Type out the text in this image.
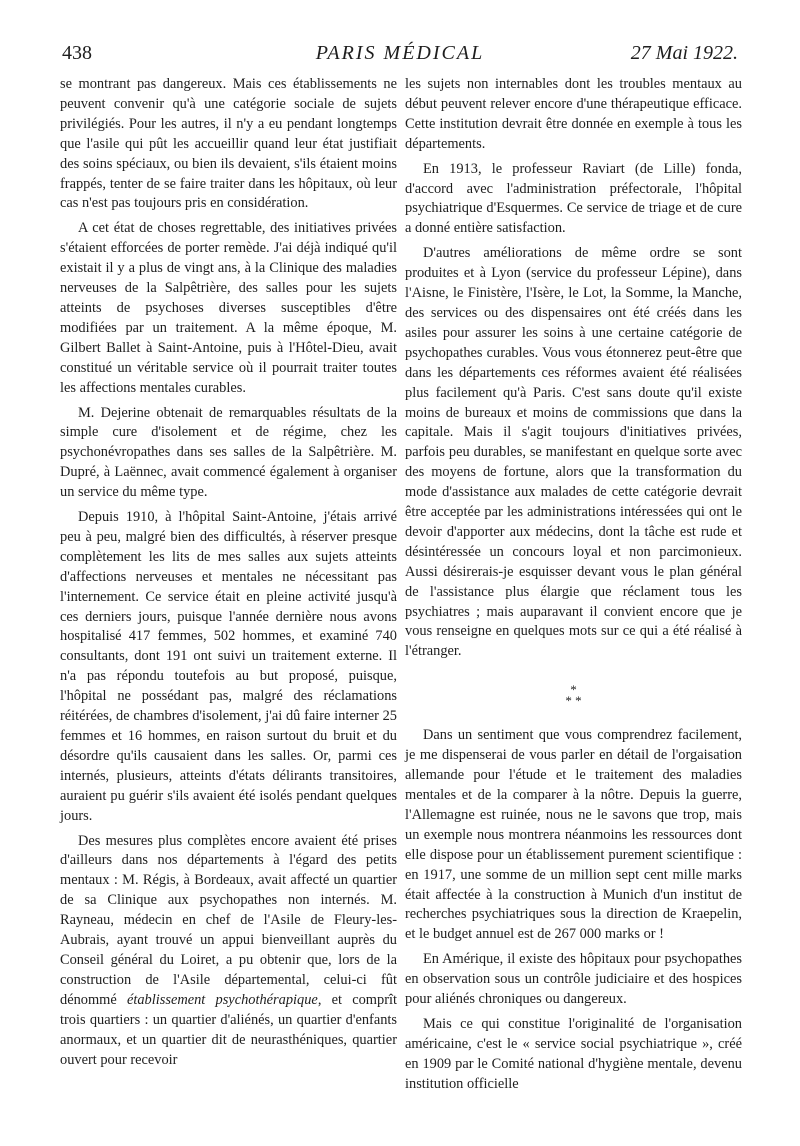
438	PARIS MÉDICAL	27 Mai 1922.

se montrant pas dangereux. Mais ces établissements ne peuvent convenir qu'à une catégorie sociale de sujets privilégiés. Pour les autres, il n'y a eu pendant longtemps que l'asile qui pût les accueillir quand leur état justifiait des soins spéciaux, ou bien ils devaient, s'ils étaient moins frappés, tenter de se faire traiter dans les hôpitaux, où leur cas n'est pas toujours pris en considération.

A cet état de choses regrettable, des initiatives privées s'étaient efforcées de porter remède. J'ai déjà indiqué qu'il existait il y a plus de vingt ans, à la Clinique des maladies nerveuses de la Salpêtrière, des salles pour les sujets atteints de psychoses diverses susceptibles d'être modifiées par un traitement. A la même époque, M. Gilbert Ballet à Saint-Antoine, puis à l'Hôtel-Dieu, avait constitué un véritable service où il pourrait traiter toutes les affections mentales curables.

M. Dejerine obtenait de remarquables résultats de la simple cure d'isolement et de régime, chez les psychonévropathes dans ses salles de la Salpêtrière. M. Dupré, à Laënnec, avait commencé également à organiser un service du même type.

Depuis 1910, à l'hôpital Saint-Antoine, j'étais arrivé peu à peu, malgré bien des difficultés, à réserver presque complètement les lits de mes salles aux sujets atteints d'affections nerveuses et mentales ne nécessitant pas l'internement. Ce service était en pleine activité jusqu'à ces derniers jours, puisque l'année dernière nous avons hospitalisé 417 femmes, 502 hommes, et examiné 740 consultants, dont 191 ont suivi un traitement externe. Il n'a pas répondu toutefois au but proposé, puisque, l'hôpital ne possédant pas, malgré des réclamations réitérées, de chambres d'isolement, j'ai dû faire interner 25 femmes et 16 hommes, en raison surtout du bruit et du désordre qu'ils causaient dans les salles. Or, parmi ces internés, plusieurs, atteints d'états délirants transitoires, auraient pu guérir s'ils avaient été isolés pendant quelques jours.

Des mesures plus complètes encore avaient été prises d'ailleurs dans nos départements à l'égard des petits mentaux : M. Régis, à Bordeaux, avait affecté un quartier de sa Clinique aux psychopathes non internés. M. Rayneau, médecin en chef de l'Asile de Fleury-les-Aubrais, ayant trouvé un appui bienveillant auprès du Conseil général du Loiret, a pu obtenir que, lors de la construction de l'Asile départemental, celui-ci fût dénommé établissement psychothérapique, et comprît trois quartiers : un quartier d'aliénés, un quartier d'enfants anormaux, et un quartier dit de neurasthéniques, quartier ouvert pour recevoir

les sujets non internables dont les troubles mentaux au début peuvent relever encore d'une thérapeutique efficace. Cette institution devrait être donnée en exemple à tous les départements.

En 1913, le professeur Raviart (de Lille) fonda, d'accord avec l'administration préfectorale, l'hôpital psychiatrique d'Esquermes. Ce service de triage et de cure a donné entière satisfaction.

D'autres améliorations de même ordre se sont produites et à Lyon (service du professeur Lépine), dans l'Aisne, le Finistère, l'Isère, le Lot, la Somme, la Manche, des services ou des dispensaires ont été créés dans les asiles pour assurer les soins à une certaine catégorie de psychopathes curables. Vous vous étonnerez peut-être que dans les départements ces réformes avaient été réalisées plus facilement qu'à Paris. C'est sans doute qu'il existe moins de bureaux et moins de commissions que dans la capitale. Mais il s'agit toujours d'initiatives privées, parfois peu durables, se manifestant en quelque sorte avec des moyens de fortune, alors que la transformation du mode d'assistance aux malades de cette catégorie devrait être acceptée par les administrations intéressées qui ont le devoir d'apporter aux médecins, dont la tâche est rude et désintéressée un concours loyal et non parcimonieux. Aussi désirerais-je esquisser devant vous le plan général de l'assistance plus élargie que réclament tous les psychiatres ; mais auparavant il convient encore que je vous renseigne en quelques mots sur ce qui a été réalisé à l'étranger.

*
* *

Dans un sentiment que vous comprendrez facilement, je me dispenserai de vous parler en détail de l'orgaisation allemande pour l'étude et le traitement des maladies mentales et de la comparer à la nôtre. Depuis la guerre, l'Allemagne est ruinée, nous ne le savons que trop, mais un exemple nous montrera néanmoins les ressources dont elle dispose pour un établissement purement scientifique : en 1917, une somme de un million sept cent mille marks était affectée à la construction à Munich d'un institut de recherches psychiatriques sous la direction de Kraepelin, et le budget annuel est de 267 000 marks or !

En Amérique, il existe des hôpitaux pour psychopathes en observation sous un contrôle judiciaire et des hospices pour aliénés chroniques ou dangereux.

Mais ce qui constitue l'originalité de l'organisation américaine, c'est le « service social psychiatrique », créé en 1909 par le Comité national d'hygiène mentale, devenu institution officielle
